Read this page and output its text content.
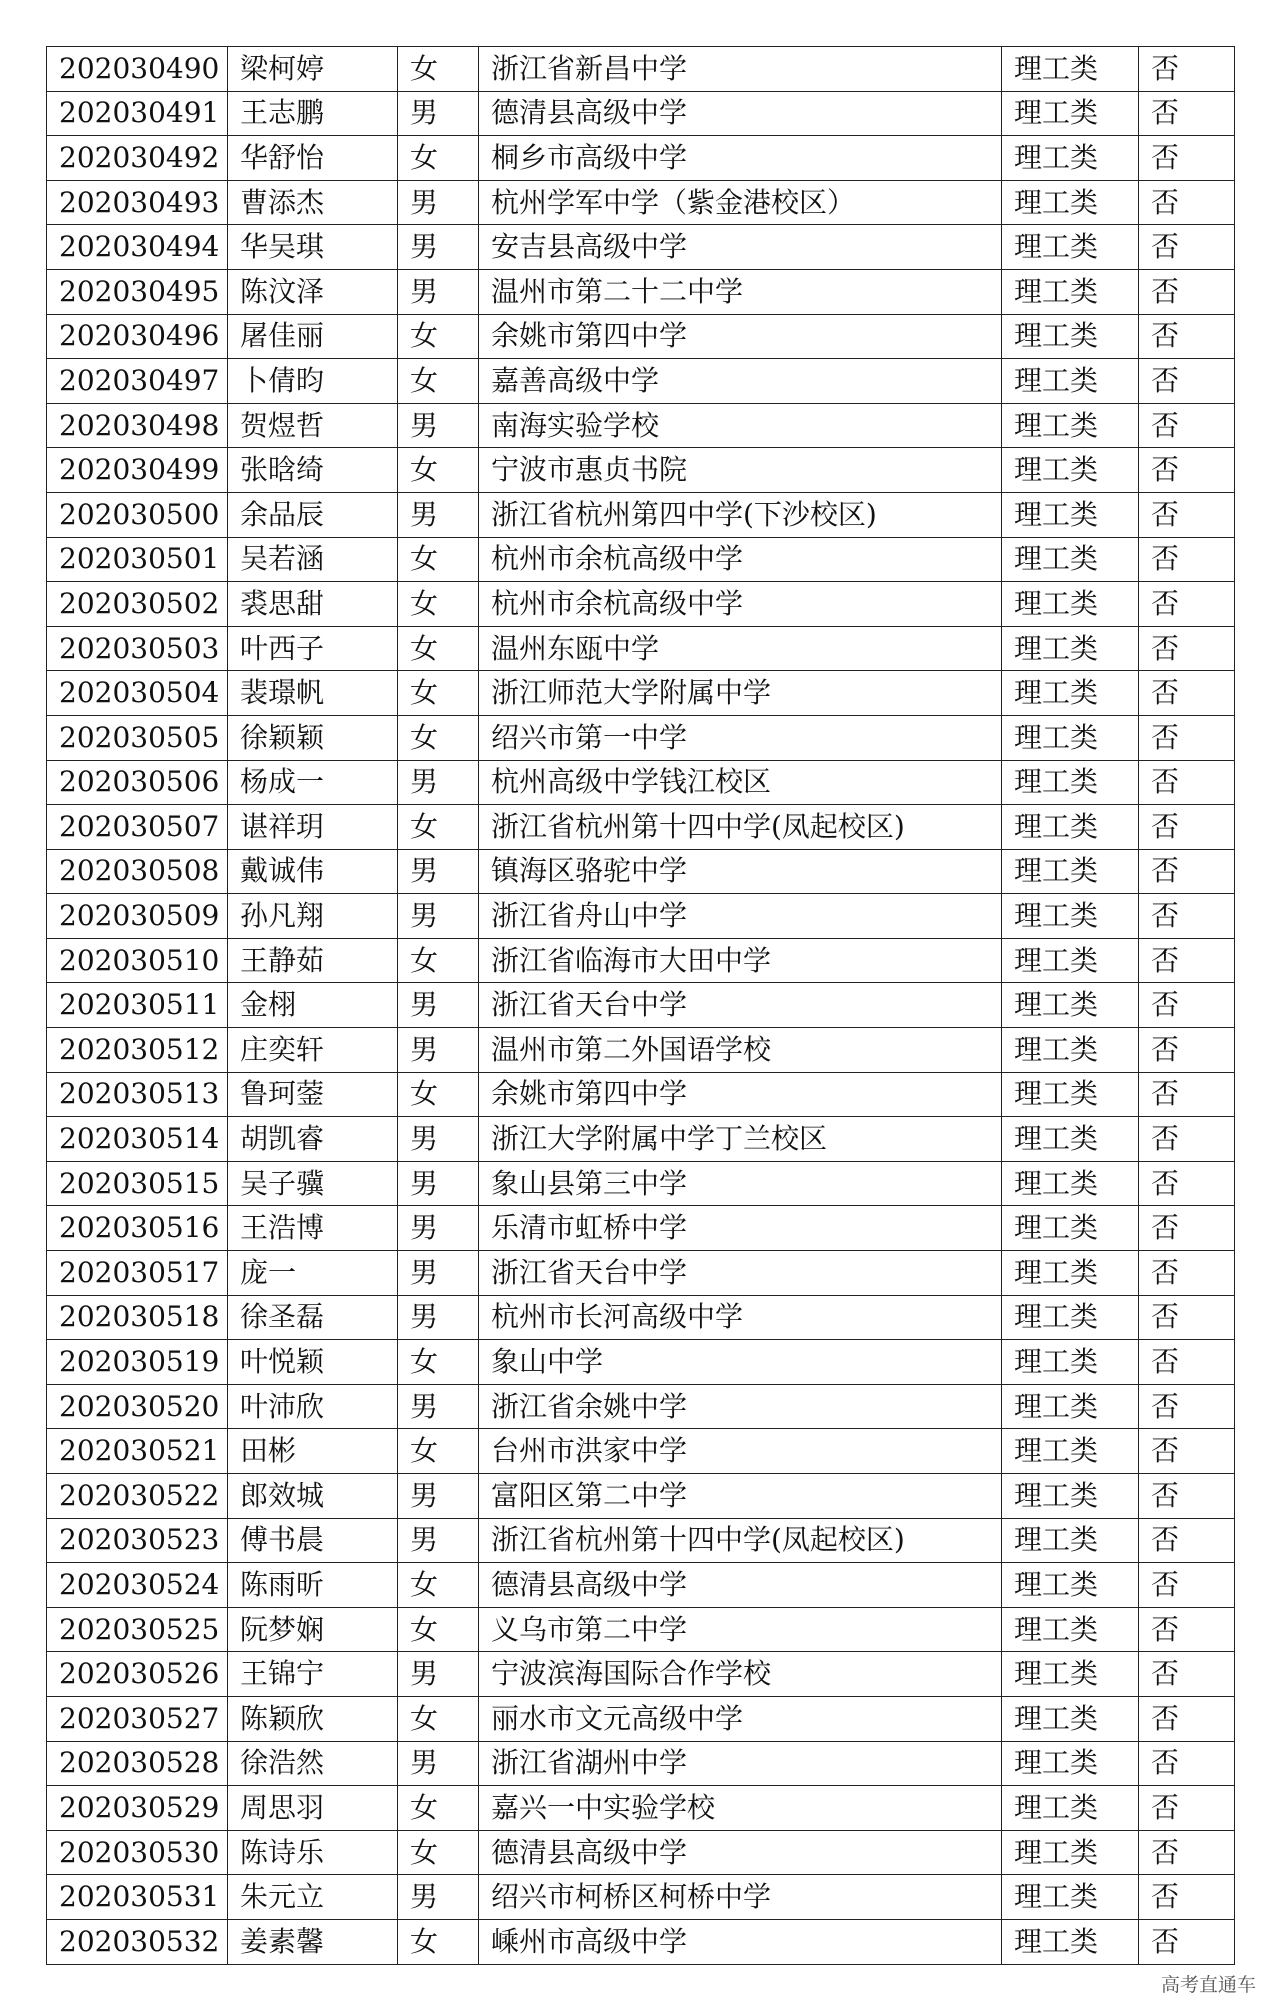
202030490	梁柯婷	女	浙江省新昌中学	理工类	否
202030491	王志鹏	男	德清县高级中学	理工类	否
202030492	华舒怡	女	桐乡市高级中学	理工类	否
202030493	曹添杰	男	杭州学军中学（紫金港校区）	理工类	否
202030494	华吴琪	男	安吉县高级中学	理工类	否
202030495	陈汶泽	男	温州市第二十二中学	理工类	否
202030496	屠佳丽	女	余姚市第四中学	理工类	否
202030497	卜倩昀	女	嘉善高级中学	理工类	否
202030498	贺煜哲	男	南海实验学校	理工类	否
202030499	张晗绮	女	宁波市惠贞书院	理工类	否
202030500	余品辰	男	浙江省杭州第四中学(下沙校区)	理工类	否
202030501	吴若涵	女	杭州市余杭高级中学	理工类	否
202030502	裘思甜	女	杭州市余杭高级中学	理工类	否
202030503	叶西子	女	温州东瓯中学	理工类	否
202030504	裴璟帆	女	浙江师范大学附属中学	理工类	否
202030505	徐颖颖	女	绍兴市第一中学	理工类	否
202030506	杨成一	男	杭州高级中学钱江校区	理工类	否
202030507	谌祥玥	女	浙江省杭州第十四中学(凤起校区)	理工类	否
202030508	戴诚伟	男	镇海区骆驼中学	理工类	否
202030509	孙凡翔	男	浙江省舟山中学	理工类	否
202030510	王静茹	女	浙江省临海市大田中学	理工类	否
202030511	金栩	男	浙江省天台中学	理工类	否
202030512	庄奕轩	男	温州市第二外国语学校	理工类	否
202030513	鲁珂蓥	女	余姚市第四中学	理工类	否
202030514	胡凯睿	男	浙江大学附属中学丁兰校区	理工类	否
202030515	吴子骥	男	象山县第三中学	理工类	否
202030516	王浩博	男	乐清市虹桥中学	理工类	否
202030517	庞一	男	浙江省天台中学	理工类	否
202030518	徐圣磊	男	杭州市长河高级中学	理工类	否
202030519	叶悦颖	女	象山中学	理工类	否
202030520	叶沛欣	男	浙江省余姚中学	理工类	否
202030521	田彬	女	台州市洪家中学	理工类	否
202030522	郎效城	男	富阳区第二中学	理工类	否
202030523	傅书晨	男	浙江省杭州第十四中学(凤起校区)	理工类	否
202030524	陈雨昕	女	德清县高级中学	理工类	否
202030525	阮梦娴	女	义乌市第二中学	理工类	否
202030526	王锦宁	男	宁波滨海国际合作学校	理工类	否
202030527	陈颖欣	女	丽水市文元高级中学	理工类	否
202030528	徐浩然	男	浙江省湖州中学	理工类	否
202030529	周思羽	女	嘉兴一中实验学校	理工类	否
202030530	陈诗乐	女	德清县高级中学	理工类	否
202030531	朱元立	男	绍兴市柯桥区柯桥中学	理工类	否
202030532	姜素馨	女	嵊州市高级中学	理工类	否
高考直通车
